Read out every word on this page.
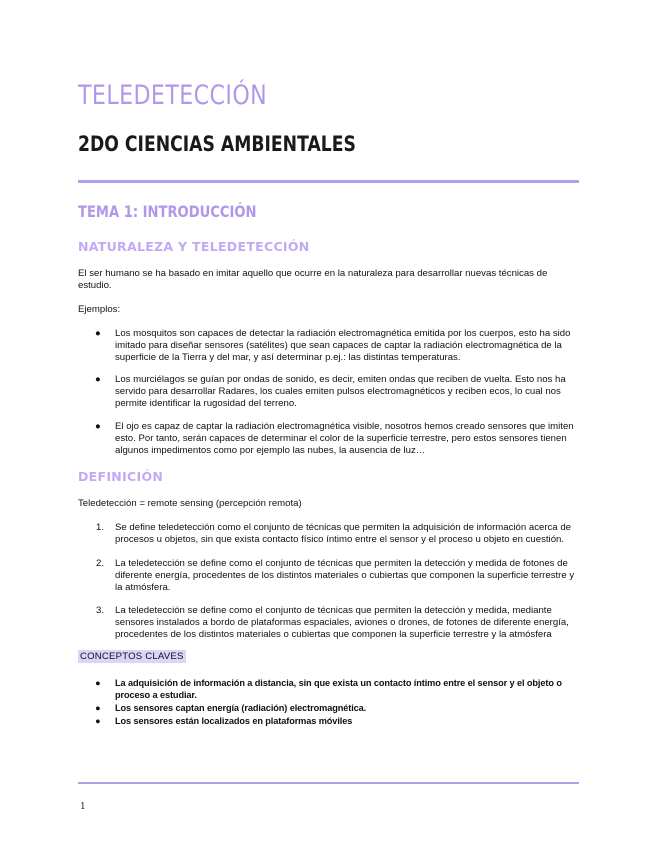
TELEDETECCIÓN
2DO CIENCIAS AMBIENTALES
TEMA 1: INTRODUCCIÓN
NATURALEZA Y TELEDETECCIÓN

El ser humano se ha basado en imitar aquello que ocurre en la naturaleza para desarrollar nuevas técnicas de estudio.

Ejemplos:

● Los mosquitos son capaces de detectar la radiación electromagnética emitida por los cuerpos, esto ha sido imitado para diseñar sensores (satélites) que sean capaces de captar la radiación electromagnética de la superficie de la Tierra y del mar, y así determinar p.ej.: las distintas temperaturas.
● Los murciélagos se guían por ondas de sonido, es decir, emiten ondas que reciben de vuelta. Esto nos ha servido para desarrollar Radares, los cuales emiten pulsos electromagnéticos y reciben ecos, lo cual nos permite identificar la rugosidad del terreno.
● El ojo es capaz de captar la radiación electromagnética visible, nosotros hemos creado sensores que imiten esto. Por tanto, serán capaces de determinar el color de la superficie terrestre, pero estos sensores tienen algunos impedimentos como por ejemplo las nubes, la ausencia de luz…
DEFINICIÓN

Teledetección = remote sensing (percepción remota)

1. Se define teledetección como el conjunto de técnicas que permiten la adquisición de información acerca de procesos u objetos, sin que exista contacto físico íntimo entre el sensor y el proceso u objeto en cuestión.
2. La teledetección se define como el conjunto de técnicas que permiten la detección y medida de fotones de diferente energía, procedentes de los distintos materiales o cubiertas que componen la superficie terrestre y la atmósfera.
3. La teledetección se define como el conjunto de técnicas que permiten la detección y medida, mediante sensores instalados a bordo de plataformas espaciales, aviones o drones, de fotones de diferente energía, procedentes de los distintos materiales o cubiertas que componen la superficie terrestre y la atmósfera
CONCEPTOS CLAVES
● La adquisición de información a distancia, sin que exista un contacto íntimo entre el sensor y el objeto o proceso a estudiar.
● Los sensores captan energía (radiación) electromagnética.
● Los sensores están localizados en plataformas móviles
1
